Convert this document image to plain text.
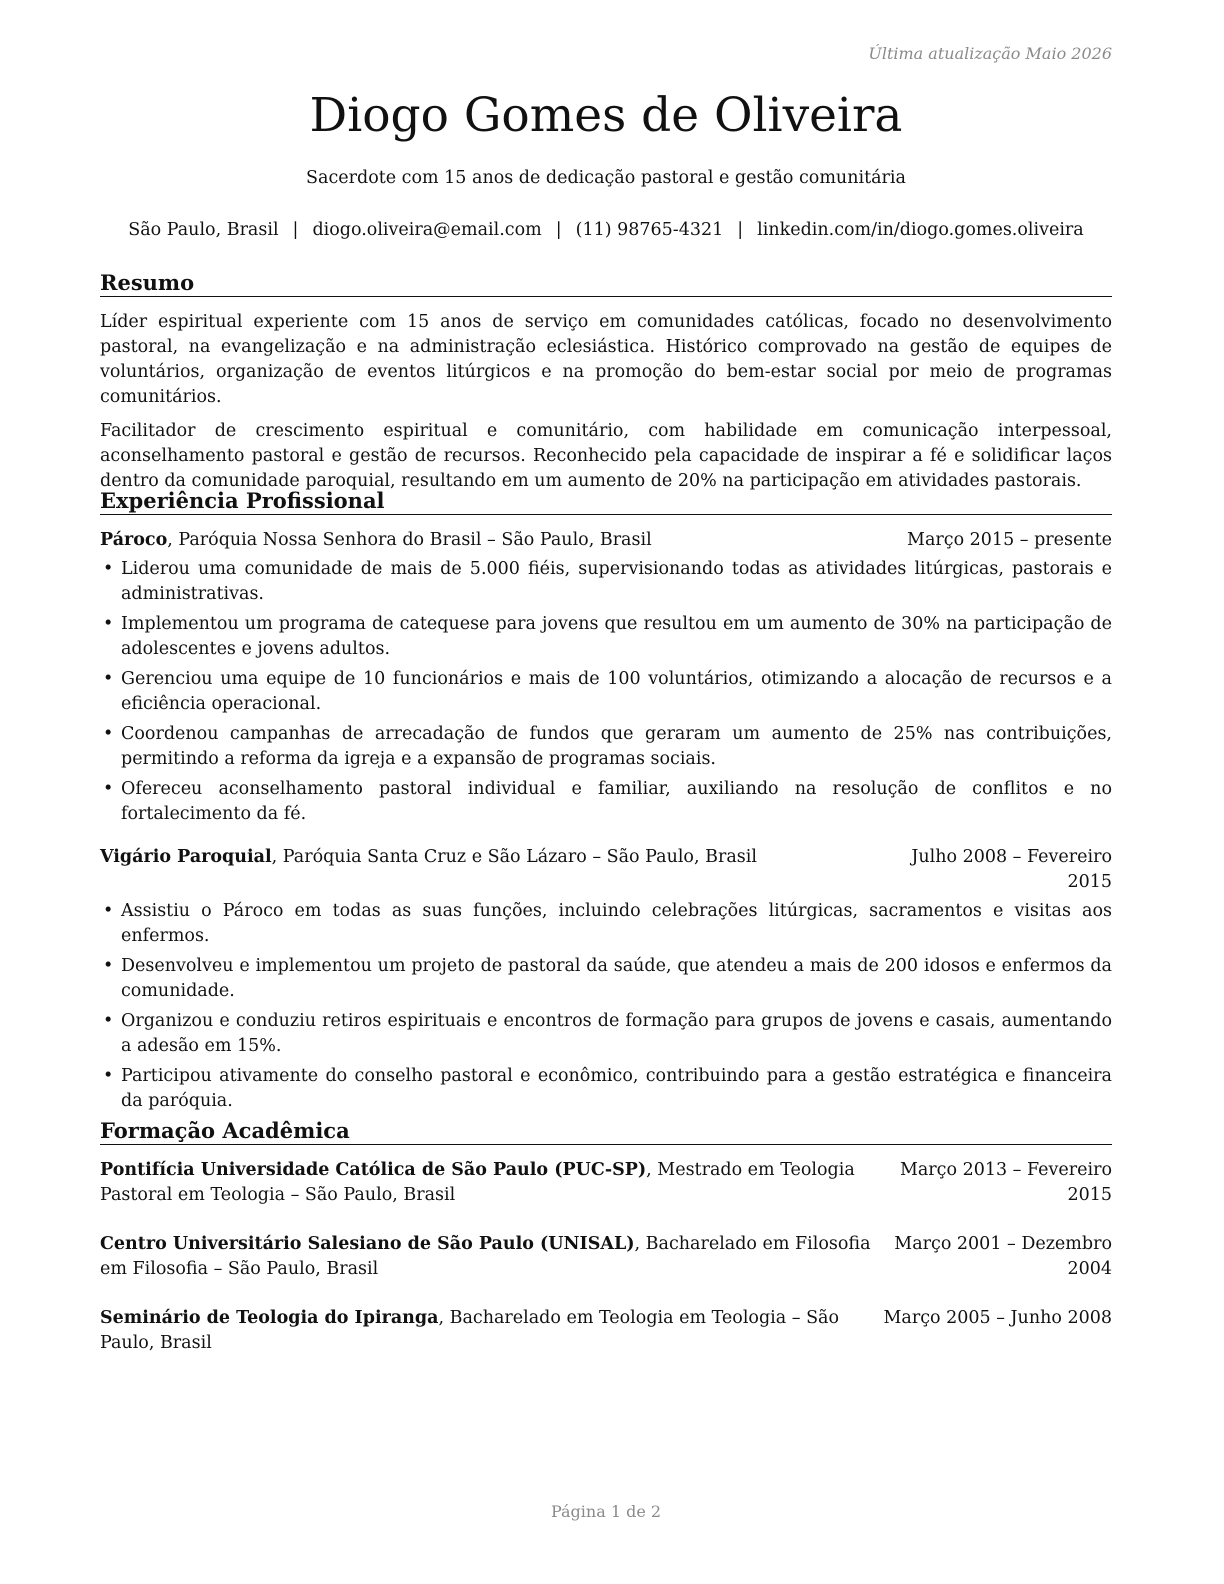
Última atualização Maio 2026
Diogo Gomes de Oliveira
Sacerdote com 15 anos de dedicação pastoral e gestão comunitária
São Paulo, Brasil | diogo.oliveira@email.com | (11) 98765-4321 | linkedin.com/in/diogo.gomes.oliveira
Resumo

Líder espiritual experiente com 15 anos de serviço em comunidades católicas, focado no desenvolvimento pastoral, na evangelização e na administração eclesiástica. Histórico comprovado na gestão de equipes de voluntários, organização de eventos litúrgicos e na promoção do bem-estar social por meio de programas comunitários.

Facilitador de crescimento espiritual e comunitário, com habilidade em comunicação interpessoal, aconselhamento pastoral e gestão de recursos. Reconhecido pela capacidade de inspirar a fé e solidificar laços dentro da comunidade paroquial, resultando em um aumento de 20% na participação em atividades pastorais.

Experiência Profissional
Pároco, Paróquia Nossa Senhora do Brasil – São Paulo, Brasil	Março 2015 – presente
• Liderou uma comunidade de mais de 5.000 fiéis, supervisionando todas as atividades litúrgicas, pastorais e administrativas.
• Implementou um programa de catequese para jovens que resultou em um aumento de 30% na participação de adolescentes e jovens adultos.
• Gerenciou uma equipe de 10 funcionários e mais de 100 voluntários, otimizando a alocação de recursos e a eficiência operacional.
• Coordenou campanhas de arrecadação de fundos que geraram um aumento de 25% nas contribuições, permitindo a reforma da igreja e a expansão de programas sociais.
• Ofereceu aconselhamento pastoral individual e familiar, auxiliando na resolução de conflitos e no fortalecimento da fé.
Vigário Paroquial, Paróquia Santa Cruz e São Lázaro – São Paulo, Brasil	Julho 2008 – Fevereiro 2015
• Assistiu o Pároco em todas as suas funções, incluindo celebrações litúrgicas, sacramentos e visitas aos enfermos.
• Desenvolveu e implementou um projeto de pastoral da saúde, que atendeu a mais de 200 idosos e enfermos da comunidade.
• Organizou e conduziu retiros espirituais e encontros de formação para grupos de jovens e casais, aumentando a adesão em 15%.
• Participou ativamente do conselho pastoral e econômico, contribuindo para a gestão estratégica e financeira da paróquia.
Formação Acadêmica
Pontifícia Universidade Católica de São Paulo (PUC-SP), Mestrado em Teologia Pastoral em Teologia – São Paulo, Brasil
Março 2013 – Fevereiro 2015
Centro Universitário Salesiano de São Paulo (UNISAL), Bacharelado em Filosofia em Filosofia – São Paulo, Brasil
Março 2001 – Dezembro 2004
Seminário de Teologia do Ipiranga, Bacharelado em Teologia em Teologia – São Paulo, Brasil
Março 2005 – Junho 2008
Página 1 de 2
